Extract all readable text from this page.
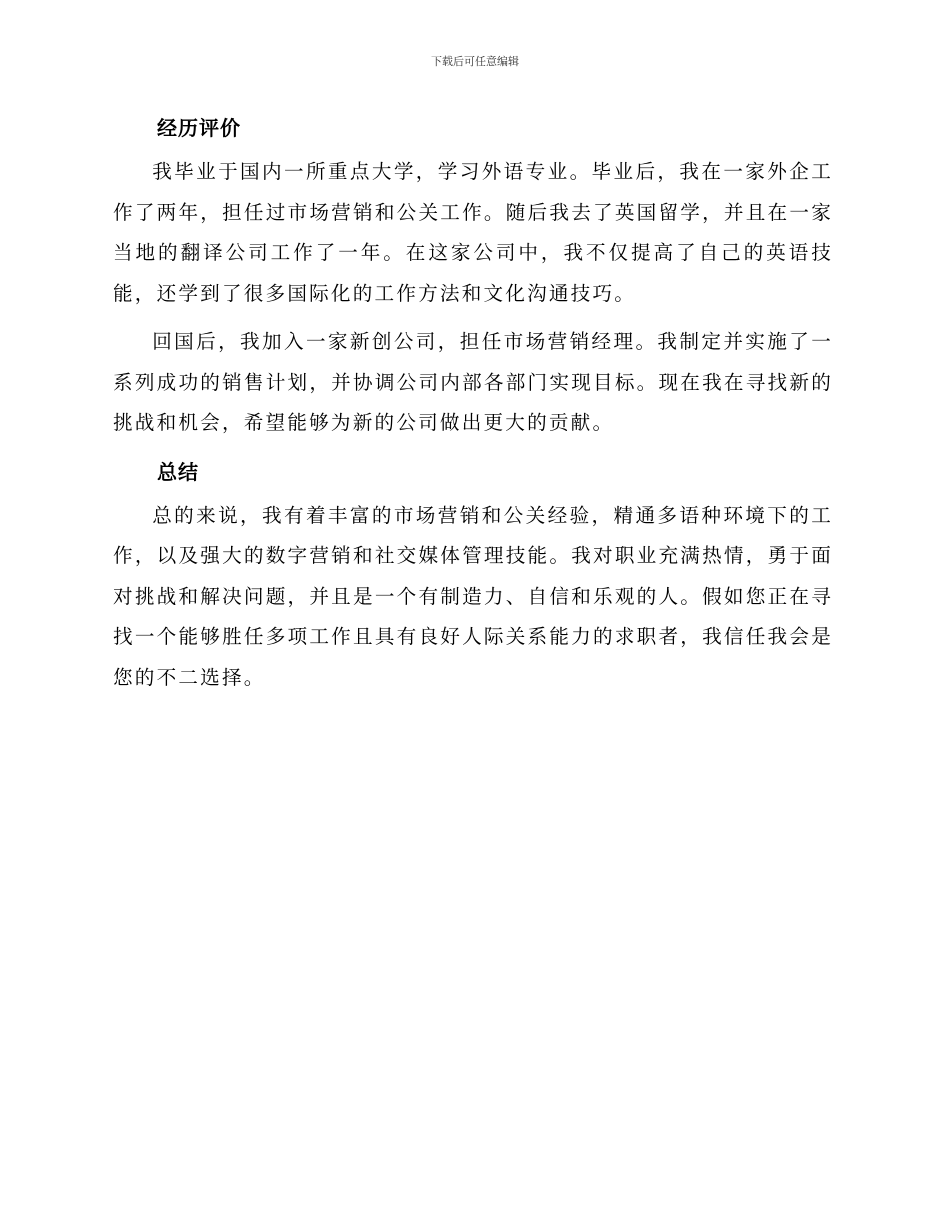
下载后可任意编辑
经历评价

我毕业于国内一所重点大学，学习外语专业。毕业后，我在一家外企工作了两年，担任过市场营销和公关工作。随后我去了英国留学，并且在一家当地的翻译公司工作了一年。在这家公司中，我不仅提高了自己的英语技能，还学到了很多国际化的工作方法和文化沟通技巧。

回国后，我加入一家新创公司，担任市场营销经理。我制定并实施了一系列成功的销售计划，并协调公司内部各部门实现目标。现在我在寻找新的挑战和机会，希望能够为新的公司做出更大的贡献。

总结

总的来说，我有着丰富的市场营销和公关经验，精通多语种环境下的工作，以及强大的数字营销和社交媒体管理技能。我对职业充满热情，勇于面对挑战和解决问题，并且是一个有制造力、自信和乐观的人。假如您正在寻找一个能够胜任多项工作且具有良好人际关系能力的求职者，我信任我会是您的不二选择。
